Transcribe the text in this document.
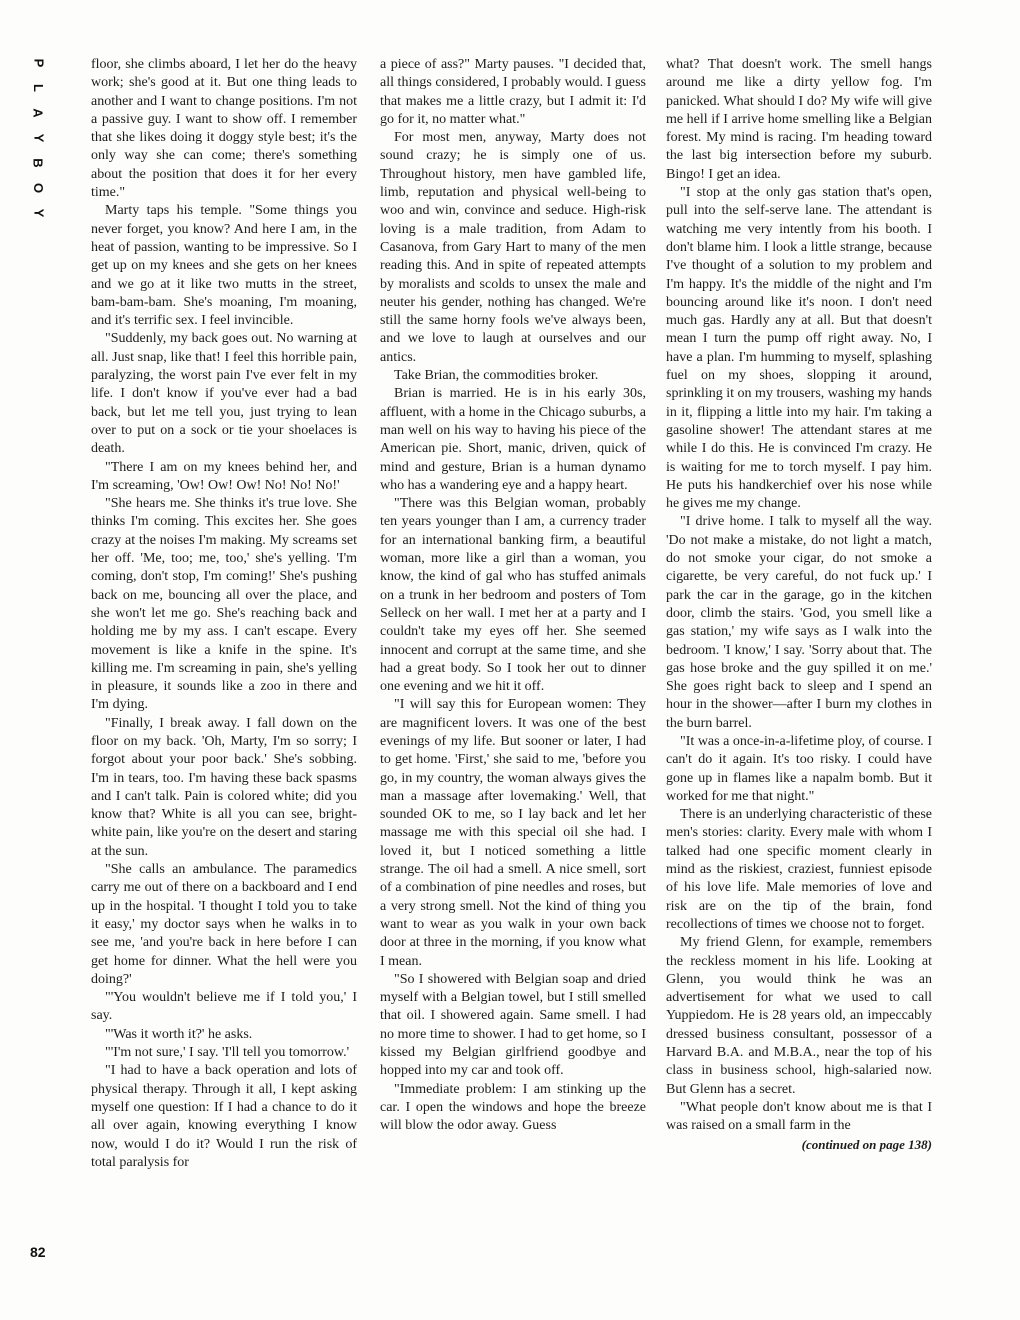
P
L
A
Y
B
O
Y

floor, she climbs aboard, I let her do the heavy work; she's good at it. But one thing leads to another and I want to change positions. I'm not a passive guy. I want to show off. I remember that she likes doing it doggy style best; it's the only way she can come; there's something about the position that does it for her every time."

Marty taps his temple. "Some things you never forget, you know? And here I am, in the heat of passion, wanting to be impressive. So I get up on my knees and she gets on her knees and we go at it like two mutts in the street, bam-bam-bam. She's moaning, I'm moaning, and it's terrific sex. I feel invincible.

"Suddenly, my back goes out. No warning at all. Just snap, like that! I feel this horrible pain, paralyzing, the worst pain I've ever felt in my life. I don't know if you've ever had a bad back, but let me tell you, just trying to lean over to put on a sock or tie your shoelaces is death.

"There I am on my knees behind her, and I'm screaming, 'Ow! Ow! Ow! No! No! No!'

"She hears me. She thinks it's true love. She thinks I'm coming. This excites her. She goes crazy at the noises I'm making. My screams set her off. 'Me, too; me, too,' she's yelling. 'I'm coming, don't stop, I'm coming!' She's pushing back on me, bouncing all over the place, and she won't let me go. She's reaching back and holding me by my ass. I can't escape. Every movement is like a knife in the spine. It's killing me. I'm screaming in pain, she's yelling in pleasure, it sounds like a zoo in there and I'm dying.

"Finally, I break away. I fall down on the floor on my back. 'Oh, Marty, I'm so sorry; I forgot about your poor back.' She's sobbing. I'm in tears, too. I'm having these back spasms and I can't talk. Pain is colored white; did you know that? White is all you can see, bright-white pain, like you're on the desert and staring at the sun.

"She calls an ambulance. The paramedics carry me out of there on a backboard and I end up in the hospital. 'I thought I told you to take it easy,' my doctor says when he walks in to see me, 'and you're back in here before I can get home for dinner. What the hell were you doing?'

"'You wouldn't believe me if I told you,' I say.

"'Was it worth it?' he asks.

"'I'm not sure,' I say. 'I'll tell you tomorrow.'

"I had to have a back operation and lots of physical therapy. Through it all, I kept asking myself one question: If I had a chance to do it all over again, knowing everything I know now, would I do it? Would I run the risk of total paralysis for

a piece of ass?" Marty pauses. "I decided that, all things considered, I probably would. I guess that makes me a little crazy, but I admit it: I'd go for it, no matter what."

For most men, anyway, Marty does not sound crazy; he is simply one of us. Throughout history, men have gambled life, limb, reputation and physical well-being to woo and win, convince and seduce. High-risk loving is a male tradition, from Adam to Casanova, from Gary Hart to many of the men reading this. And in spite of repeated attempts by moralists and scolds to unsex the male and neuter his gender, nothing has changed. We're still the same horny fools we've always been, and we love to laugh at ourselves and our antics.

Take Brian, the commodities broker.

Brian is married. He is in his early 30s, affluent, with a home in the Chicago suburbs, a man well on his way to having his piece of the American pie. Short, manic, driven, quick of mind and gesture, Brian is a human dynamo who has a wandering eye and a happy heart.

"There was this Belgian woman, probably ten years younger than I am, a currency trader for an international banking firm, a beautiful woman, more like a girl than a woman, you know, the kind of gal who has stuffed animals on a trunk in her bedroom and posters of Tom Selleck on her wall. I met her at a party and I couldn't take my eyes off her. She seemed innocent and corrupt at the same time, and she had a great body. So I took her out to dinner one evening and we hit it off.

"I will say this for European women: They are magnificent lovers. It was one of the best evenings of my life. But sooner or later, I had to get home. 'First,' she said to me, 'before you go, in my country, the woman always gives the man a massage after lovemaking.' Well, that sounded OK to me, so I lay back and let her massage me with this special oil she had. I loved it, but I noticed something a little strange. The oil had a smell. A nice smell, sort of a combination of pine needles and roses, but a very strong smell. Not the kind of thing you want to wear as you walk in your own back door at three in the morning, if you know what I mean.

"So I showered with Belgian soap and dried myself with a Belgian towel, but I still smelled that oil. I showered again. Same smell. I had no more time to shower. I had to get home, so I kissed my Belgian girlfriend goodbye and hopped into my car and took off.

"Immediate problem: I am stinking up the car. I open the windows and hope the breeze will blow the odor away. Guess

what? That doesn't work. The smell hangs around me like a dirty yellow fog. I'm panicked. What should I do? My wife will give me hell if I arrive home smelling like a Belgian forest. My mind is racing. I'm heading toward the last big intersection before my suburb. Bingo! I get an idea.

"I stop at the only gas station that's open, pull into the self-serve lane. The attendant is watching me very intently from his booth. I don't blame him. I look a little strange, because I've thought of a solution to my problem and I'm happy. It's the middle of the night and I'm bouncing around like it's noon. I don't need much gas. Hardly any at all. But that doesn't mean I turn the pump off right away. No, I have a plan. I'm humming to myself, splashing fuel on my shoes, slopping it around, sprinkling it on my trousers, washing my hands in it, flipping a little into my hair. I'm taking a gasoline shower! The attendant stares at me while I do this. He is convinced I'm crazy. He is waiting for me to torch myself. I pay him. He puts his handkerchief over his nose while he gives me my change.

"I drive home. I talk to myself all the way. 'Do not make a mistake, do not light a match, do not smoke your cigar, do not smoke a cigarette, be very careful, do not fuck up.' I park the car in the garage, go in the kitchen door, climb the stairs. 'God, you smell like a gas station,' my wife says as I walk into the bedroom. 'I know,' I say. 'Sorry about that. The gas hose broke and the guy spilled it on me.' She goes right back to sleep and I spend an hour in the shower—after I burn my clothes in the burn barrel.

"It was a once-in-a-lifetime ploy, of course. I can't do it again. It's too risky. I could have gone up in flames like a napalm bomb. But it worked for me that night."

There is an underlying characteristic of these men's stories: clarity. Every male with whom I talked had one specific moment clearly in mind as the riskiest, craziest, funniest episode of his love life. Male memories of love and risk are on the tip of the brain, fond recollections of times we choose not to forget.

My friend Glenn, for example, remembers the reckless moment in his life. Looking at Glenn, you would think he was an advertisement for what we used to call Yuppiedom. He is 28 years old, an impeccably dressed business consultant, possessor of a Harvard B.A. and M.B.A., near the top of his class in business school, high-salaried now. But Glenn has a secret.

"What people don't know about me is that I was raised on a small farm in the

(continued on page 138)

82
